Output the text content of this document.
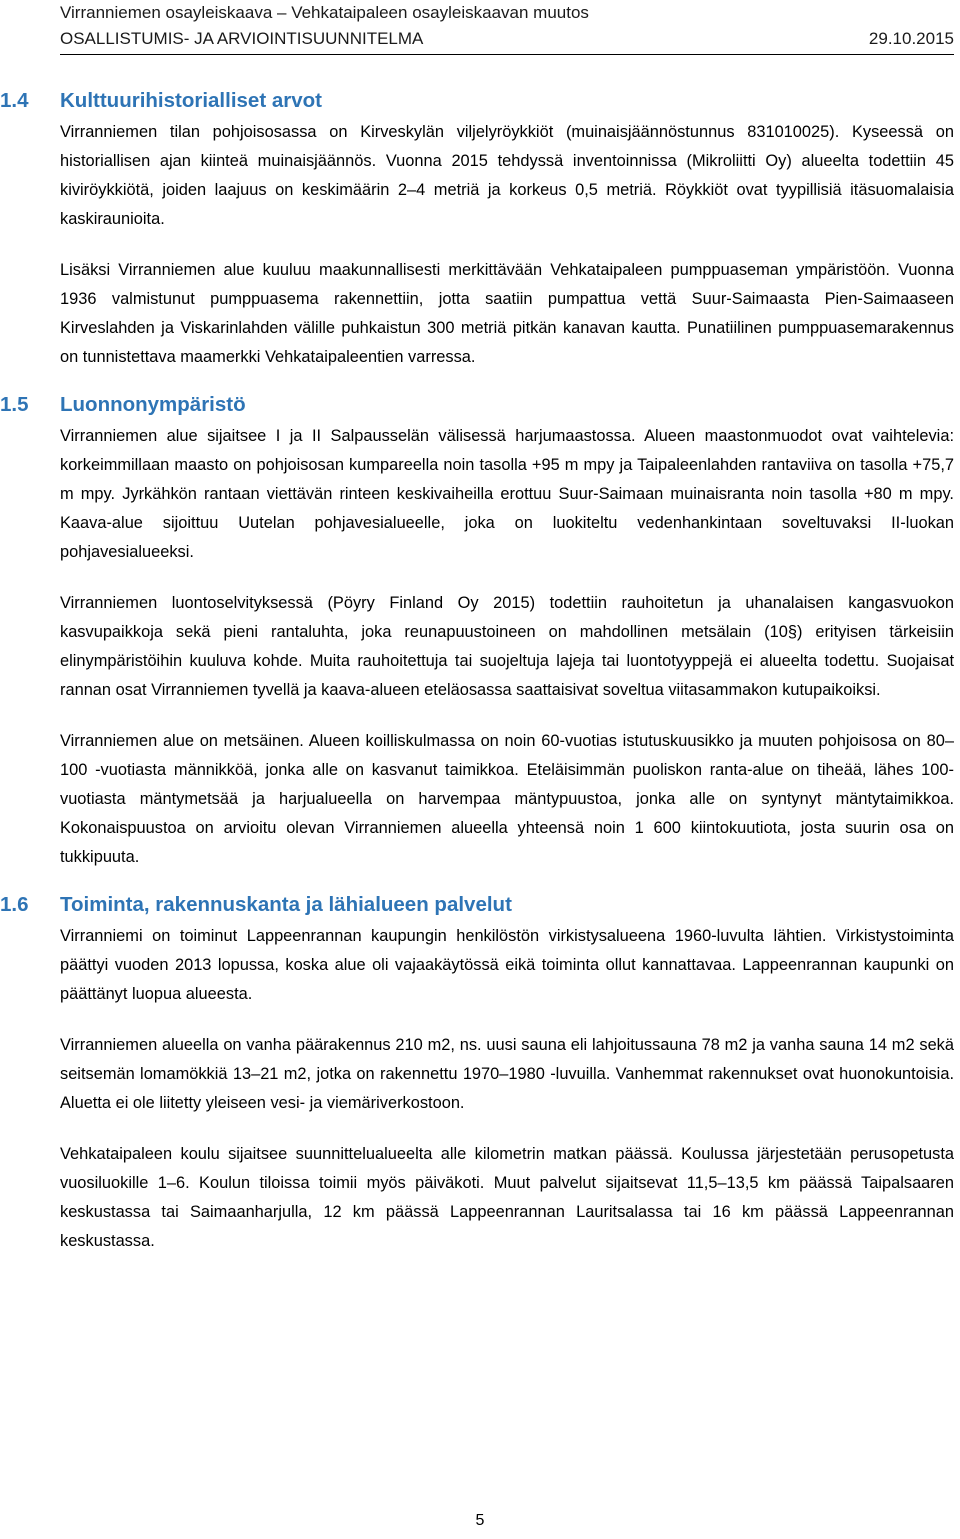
Virranniemen osayleiskaava – Vehkataipaleen osayleiskaavan muutos
OSALLISTUMIS- JA ARVIOINTISUUNNITELMA	29.10.2015
1.4	Kulttuurihistorialliset arvot

Virranniemen tilan pohjoisosassa on Kirveskylän viljelyröykkiöt (muinaisjäännöstunnus 831010025). Kyseessä on historiallisen ajan kiinteä muinaisjäännös. Vuonna 2015 tehdyssä inventoinnissa (Mikroliitti Oy) alueelta todettiin 45 kiviröykkiötä, joiden laajuus on keskimäärin 2–4 metriä ja korkeus 0,5 metriä. Röykkiöt ovat tyypillisiä itäsuomalaisia kaskiraunioita.

Lisäksi Virranniemen alue kuuluu maakunnallisesti merkittävään Vehkataipaleen pumppuaseman ympäristöön. Vuonna 1936 valmistunut pumppuasema rakennettiin, jotta saatiin pumpattua vettä Suur-Saimaasta Pien-Saimaaseen Kirveslahden ja Viskarinlahden välille puhkaistun 300 metriä pitkän kanavan kautta. Punatiilinen pumppuasemarakennus on tunnistettava maamerkki Vehkataipaleentien varressa.

1.5	Luonnonympäristö

Virranniemen alue sijaitsee I ja II Salpausselän välisessä harjumaastossa. Alueen maastonmuodot ovat vaihtelevia: korkeimmillaan maasto on pohjoisosan kumpareella noin tasolla +95 m mpy ja Taipaleenlahden rantaviiva on tasolla +75,7 m mpy. Jyrkähkön rantaan viettävän rinteen keskivaiheilla erottuu Suur-Saimaan muinaisranta noin tasolla +80 m mpy. Kaava-alue sijoittuu Uutelan pohjavesialueelle, joka on luokiteltu vedenhankintaan soveltuvaksi II-luokan pohjavesialueeksi.

Virranniemen luontoselvityksessä (Pöyry Finland Oy 2015) todettiin rauhoitetun ja uhanalaisen kangasvuokon kasvupaikkoja sekä pieni rantaluhta, joka reunapuustoineen on mahdollinen metsälain (10§) erityisen tärkeisiin elinympäristöihin kuuluva kohde. Muita rauhoitettuja tai suojeltuja lajeja tai luontotyyppejä ei alueelta todettu. Suojaisat rannan osat Virranniemen tyvellä ja kaava-alueen eteläosassa saattaisivat soveltua viitasammakon kutupaikoiksi.

Virranniemen alue on metsäinen. Alueen koilliskulmassa on noin 60-vuotias istutuskuusikko ja muuten pohjoisosa on 80–100 -vuotiasta männikköä, jonka alle on kasvanut taimikkoa. Eteläisimmän puoliskon ranta-alue on tiheää, lähes 100-vuotiasta mäntymetsää ja harjualueella on harvempaa mäntypuustoa, jonka alle on syntynyt mäntytaimikkoa. Kokonaispuustoa on arvioitu olevan Virranniemen alueella yhteensä noin 1 600 kiintokuutiota, josta suurin osa on tukkipuuta.

1.6	Toiminta, rakennuskanta ja lähialueen palvelut

Virranniemi on toiminut Lappeenrannan kaupungin henkilöstön virkistysalueena 1960-luvulta lähtien. Virkistystoiminta päättyi vuoden 2013 lopussa, koska alue oli vajaakäytössä eikä toiminta ollut kannattavaa. Lappeenrannan kaupunki on päättänyt luopua alueesta.

Virranniemen alueella on vanha päärakennus 210 m2, ns. uusi sauna eli lahjoitussauna 78 m2 ja vanha sauna 14 m2 sekä seitsemän lomamökkiä 13–21 m2, jotka on rakennettu 1970–1980 -luvuilla. Vanhemmat rakennukset ovat huonokuntoisia. Aluetta ei ole liitetty yleiseen vesi- ja viemäriverkostoon.

Vehkataipaleen koulu sijaitsee suunnittelualueelta alle kilometrin matkan päässä. Koulussa järjestetään perusopetusta vuosiluokille 1–6. Koulun tiloissa toimii myös päiväkoti. Muut palvelut sijaitsevat 11,5–13,5 km päässä Taipalsaaren keskustassa tai Saimaanharjulla, 12 km päässä Lappeenrannan Lauritsalassa tai 16 km päässä Lappeenrannan keskustassa.

5
